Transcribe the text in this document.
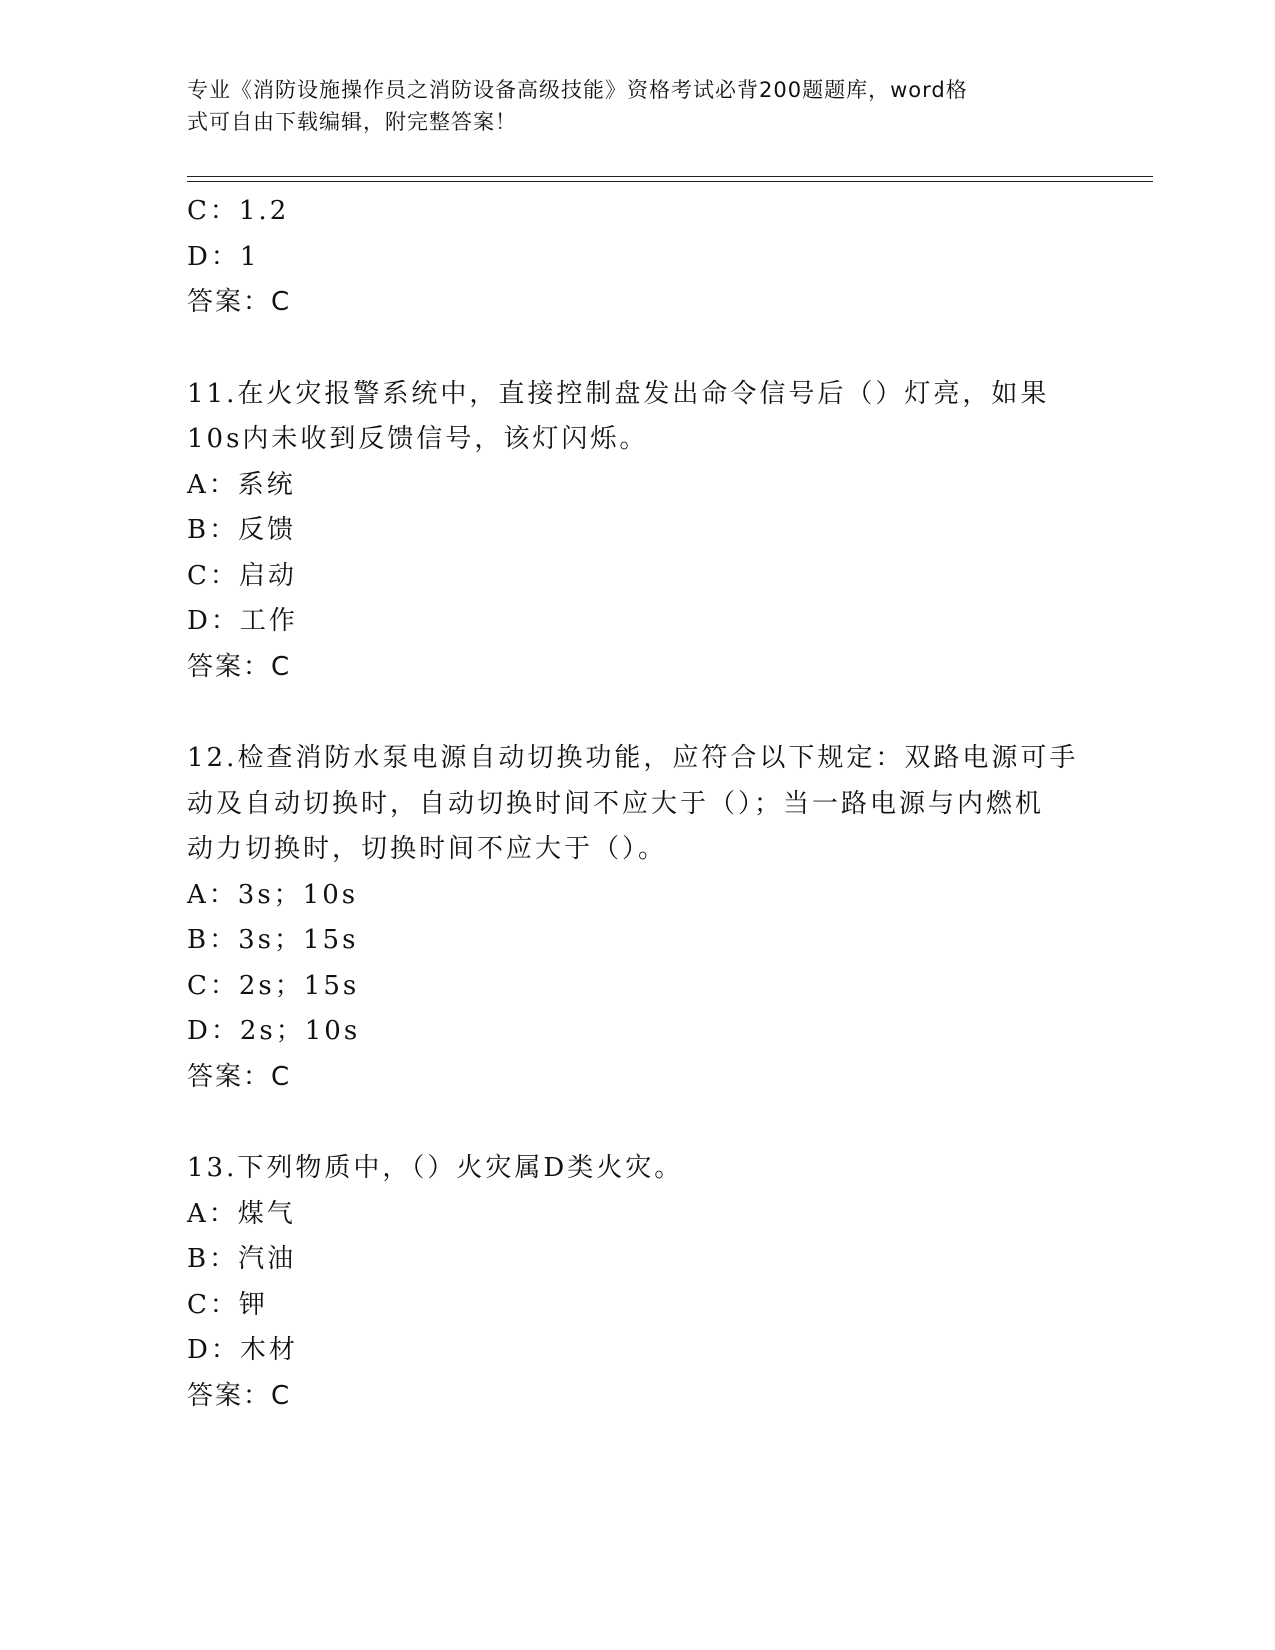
专业《消防设施操作员之消防设备高级技能》资格考试必背200题题库，word格
式可自由下载编辑，附完整答案！
C：1.2
D：1
答案：C
11.在火灾报警系统中，直接控制盘发出命令信号后（）灯亮，如果
10s内未收到反馈信号，该灯闪烁。
A：系统
B：反馈
C：启动
D：工作
答案：C
12.检查消防水泵电源自动切换功能，应符合以下规定：双路电源可手
动及自动切换时，自动切换时间不应大于（）；当一路电源与内燃机
动力切换时，切换时间不应大于（）。
A：3s；10s
B：3s；15s
C：2s；15s
D：2s；10s
答案：C
13.下列物质中，（）火灾属D类火灾。
A：煤气
B：汽油
C：钾
D：木材
答案：C
